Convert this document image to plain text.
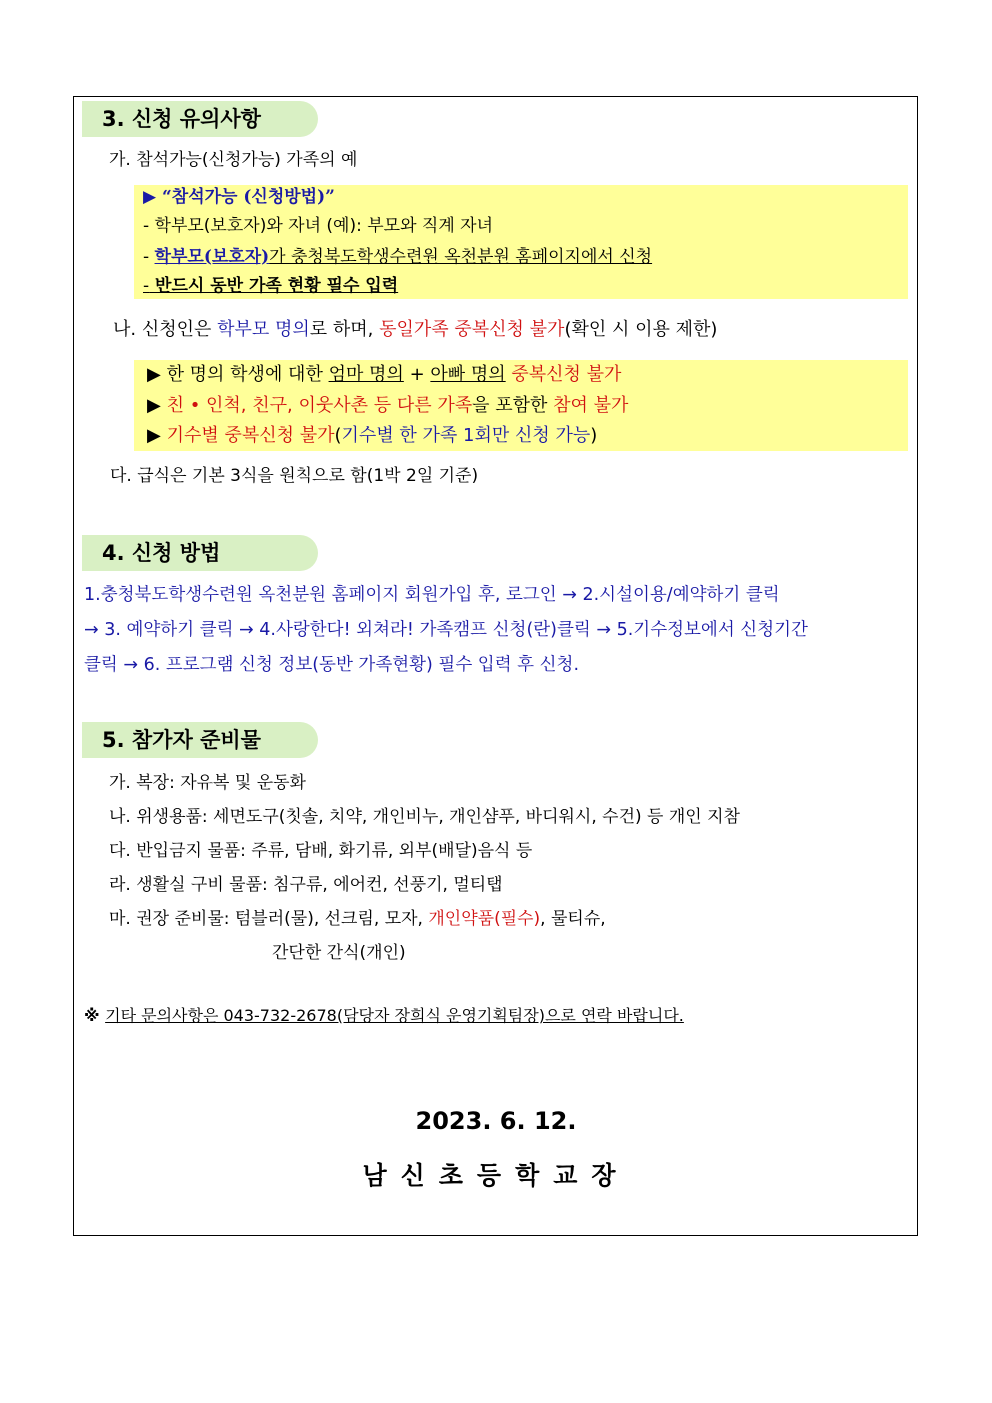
3. 신청 유의사항
가. 참석가능(신청가능) 가족의 예
▶ “참석가능 (신청방법)”
- 학부모(보호자)와 자녀 (예): 부모와 직계 자녀
- 학부모(보호자)가 충청북도학생수련원 옥천분원 홈페이지에서 신청
- 반드시 동반 가족 현황 필수 입력
나. 신청인은 학부모 명의로 하며, 동일가족 중복신청 불가(확인 시 이용 제한)
▶ 한 명의 학생에 대한 엄마 명의 + 아빠 명의 중복신청 불가
▶ 친 • 인척, 친구, 이웃사촌 등 다른 가족을 포함한 참여 불가
▶ 기수별 중복신청 불가(기수별 한 가족 1회만 신청 가능)
다. 급식은 기본 3식을 원칙으로 함(1박 2일 기준)
4. 신청 방법
1.충청북도학생수련원 옥천분원 홈페이지 회원가입 후, 로그인 → 2.시설이용/예약하기 클릭
→ 3. 예약하기 클릭 → 4.사랑한다! 외쳐라! 가족캠프 신청(란)클릭 → 5.기수정보에서 신청기간
클릭 → 6. 프로그램 신청 정보(동반 가족현황) 필수 입력 후 신청.
5. 참가자 준비물
가. 복장: 자유복 및 운동화
나. 위생용품: 세면도구(칫솔, 치약, 개인비누, 개인샴푸, 바디워시, 수건) 등 개인 지참
다. 반입금지 물품: 주류, 담배, 화기류, 외부(배달)음식 등
라. 생활실 구비 물품: 침구류, 에어컨, 선풍기, 멀티탭
마. 권장 준비물: 텀블러(물), 선크림, 모자, 개인약품(필수), 물티슈,
간단한 간식(개인)
※ 기타 문의사항은 043-732-2678(담당자 장희식 운영기획팀장)으로 연락 바랍니다.
2023. 6. 12.
남신초등학교장
